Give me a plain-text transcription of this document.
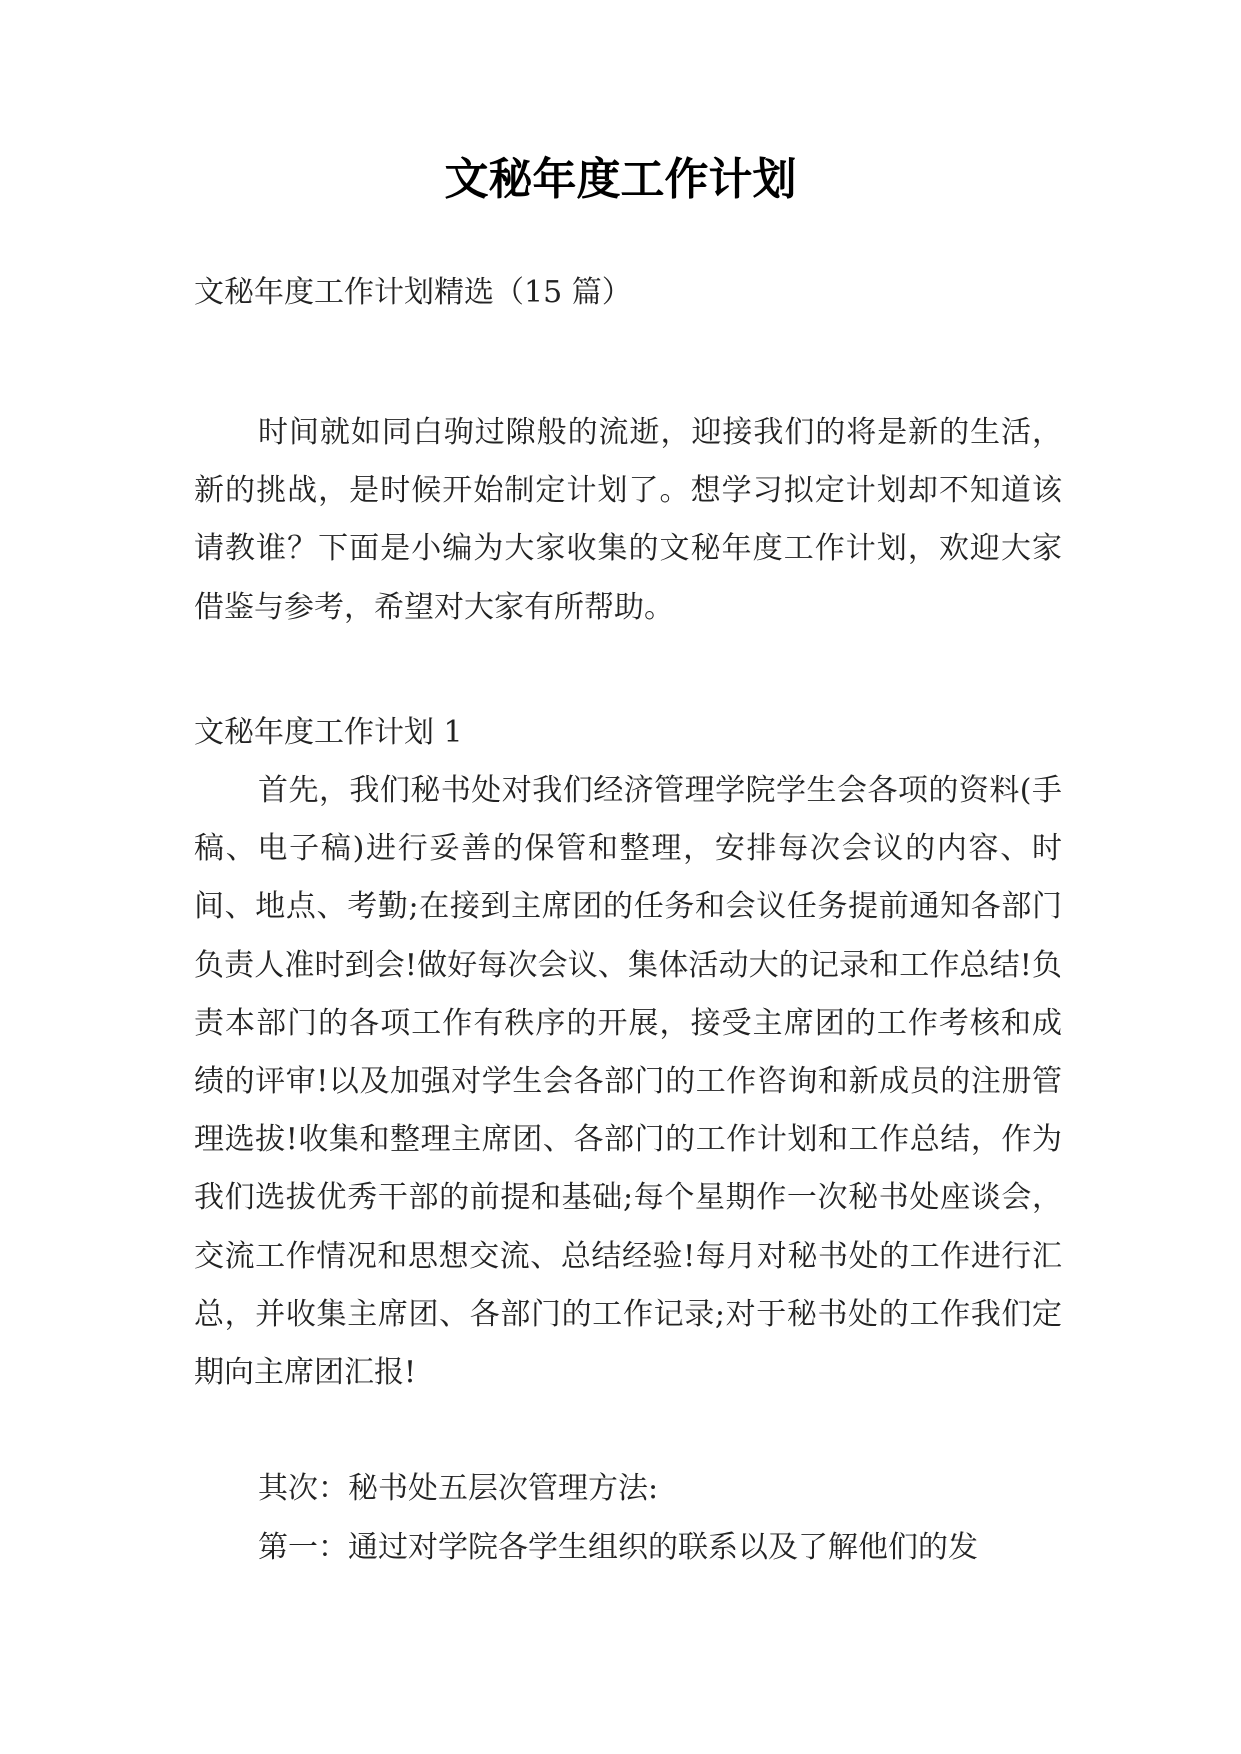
文秘年度工作计划

文秘年度工作计划精选（15 篇）

时间就如同白驹过隙般的流逝，迎接我们的将是新的生活，新的挑战，是时候开始制定计划了。想学习拟定计划却不知道该请教谁？下面是小编为大家收集的文秘年度工作计划，欢迎大家借鉴与参考，希望对大家有所帮助。

文秘年度工作计划 1

首先，我们秘书处对我们经济管理学院学生会各项的资料(手稿、电子稿)进行妥善的保管和整理，安排每次会议的内容、时间、地点、考勤;在接到主席团的任务和会议任务提前通知各部门负责人准时到会!做好每次会议、集体活动大的记录和工作总结!负责本部门的各项工作有秩序的开展，接受主席团的工作考核和成绩的评审!以及加强对学生会各部门的工作咨询和新成员的注册管理选拔!收集和整理主席团、各部门的工作计划和工作总结，作为我们选拔优秀干部的前提和基础;每个星期作一次秘书处座谈会，交流工作情况和思想交流、总结经验!每月对秘书处的工作进行汇总，并收集主席团、各部门的工作记录;对于秘书处的工作我们定期向主席团汇报!

其次：秘书处五层次管理方法:

第一：通过对学院各学生组织的联系以及了解他们的发
